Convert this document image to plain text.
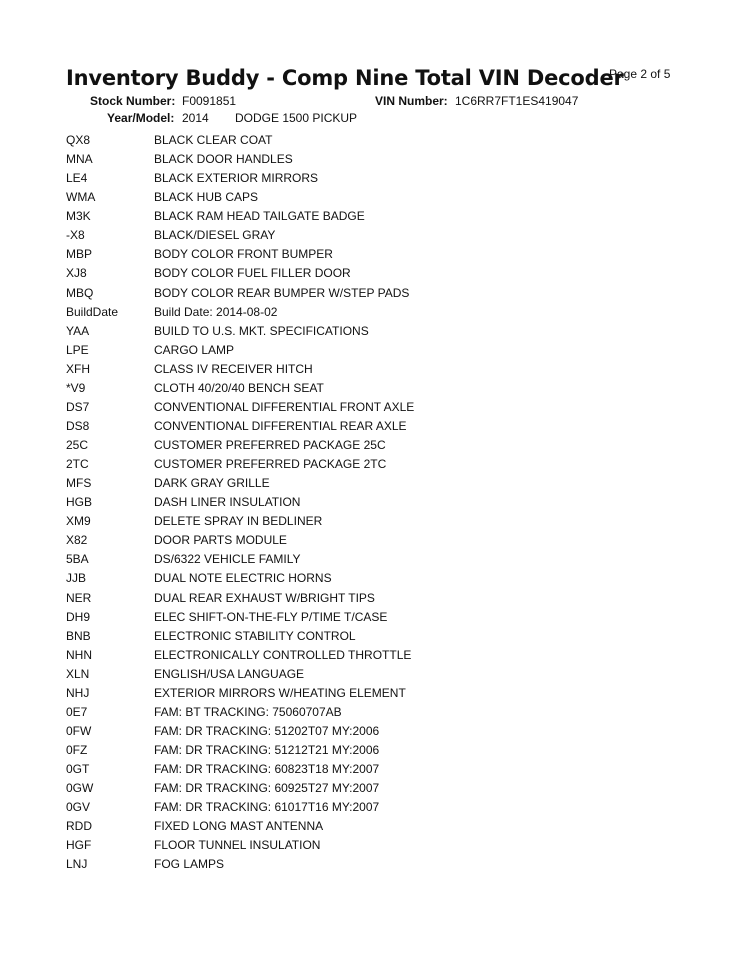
Inventory Buddy - Comp Nine Total VIN Decoder
Page 2 of 5
Stock Number: F0091851	VIN Number: 1C6RR7FT1ES419047
Year/Model: 2014 DODGE 1500 PICKUP
QX8	BLACK CLEAR COAT
MNA	BLACK DOOR HANDLES
LE4	BLACK EXTERIOR MIRRORS
WMA	BLACK HUB CAPS
M3K	BLACK RAM HEAD TAILGATE BADGE
-X8	BLACK/DIESEL GRAY
MBP	BODY COLOR FRONT BUMPER
XJ8	BODY COLOR FUEL FILLER DOOR
MBQ	BODY COLOR REAR BUMPER W/STEP PADS
BuildDate	Build Date: 2014-08-02
YAA	BUILD TO U.S. MKT. SPECIFICATIONS
LPE	CARGO LAMP
XFH	CLASS IV RECEIVER HITCH
*V9	CLOTH 40/20/40 BENCH SEAT
DS7	CONVENTIONAL DIFFERENTIAL FRONT AXLE
DS8	CONVENTIONAL DIFFERENTIAL REAR AXLE
25C	CUSTOMER PREFERRED PACKAGE 25C
2TC	CUSTOMER PREFERRED PACKAGE 2TC
MFS	DARK GRAY GRILLE
HGB	DASH LINER INSULATION
XM9	DELETE SPRAY IN BEDLINER
X82	DOOR PARTS MODULE
5BA	DS/6322 VEHICLE FAMILY
JJB	DUAL NOTE ELECTRIC HORNS
NER	DUAL REAR EXHAUST W/BRIGHT TIPS
DH9	ELEC SHIFT-ON-THE-FLY P/TIME T/CASE
BNB	ELECTRONIC STABILITY CONTROL
NHN	ELECTRONICALLY CONTROLLED THROTTLE
XLN	ENGLISH/USA LANGUAGE
NHJ	EXTERIOR MIRRORS W/HEATING ELEMENT
0E7	FAM: BT TRACKING: 75060707AB
0FW	FAM: DR TRACKING: 51202T07 MY:2006
0FZ	FAM: DR TRACKING: 51212T21 MY:2006
0GT	FAM: DR TRACKING: 60823T18 MY:2007
0GW	FAM: DR TRACKING: 60925T27 MY:2007
0GV	FAM: DR TRACKING: 61017T16 MY:2007
RDD	FIXED LONG MAST ANTENNA
HGF	FLOOR TUNNEL INSULATION
LNJ	FOG LAMPS
